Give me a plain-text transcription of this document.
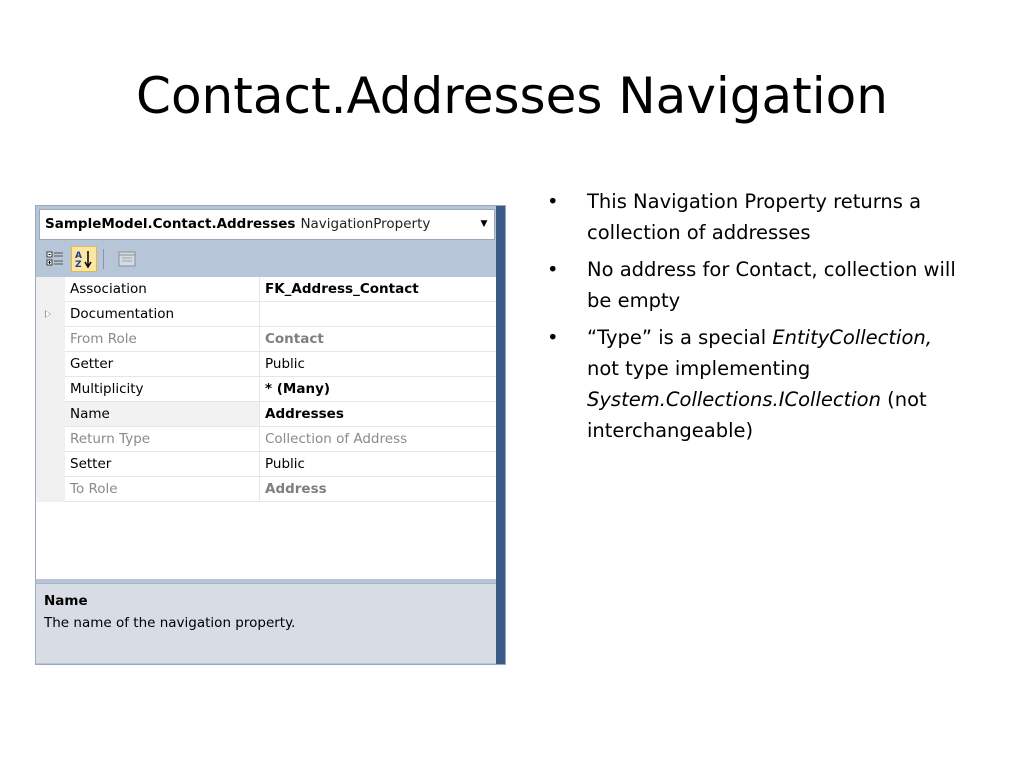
Contact.Addresses Navigation
SampleModel.Contact.Addresses NavigationProperty	▼
A
Z
Association	FK_Address_Contact
Documentation
From Role	Contact
Getter	Public
Multiplicity	* (Many)
Name	Addresses
Return Type	Collection of Address
Setter	Public
To Role	Address
Name
The name of the navigation property.
• This Navigation Property returns a collection of addresses
• No address for Contact, collection will be empty
• “Type” is a special EntityCollection, not type implementing System.Collections.ICollection (not interchangeable)
